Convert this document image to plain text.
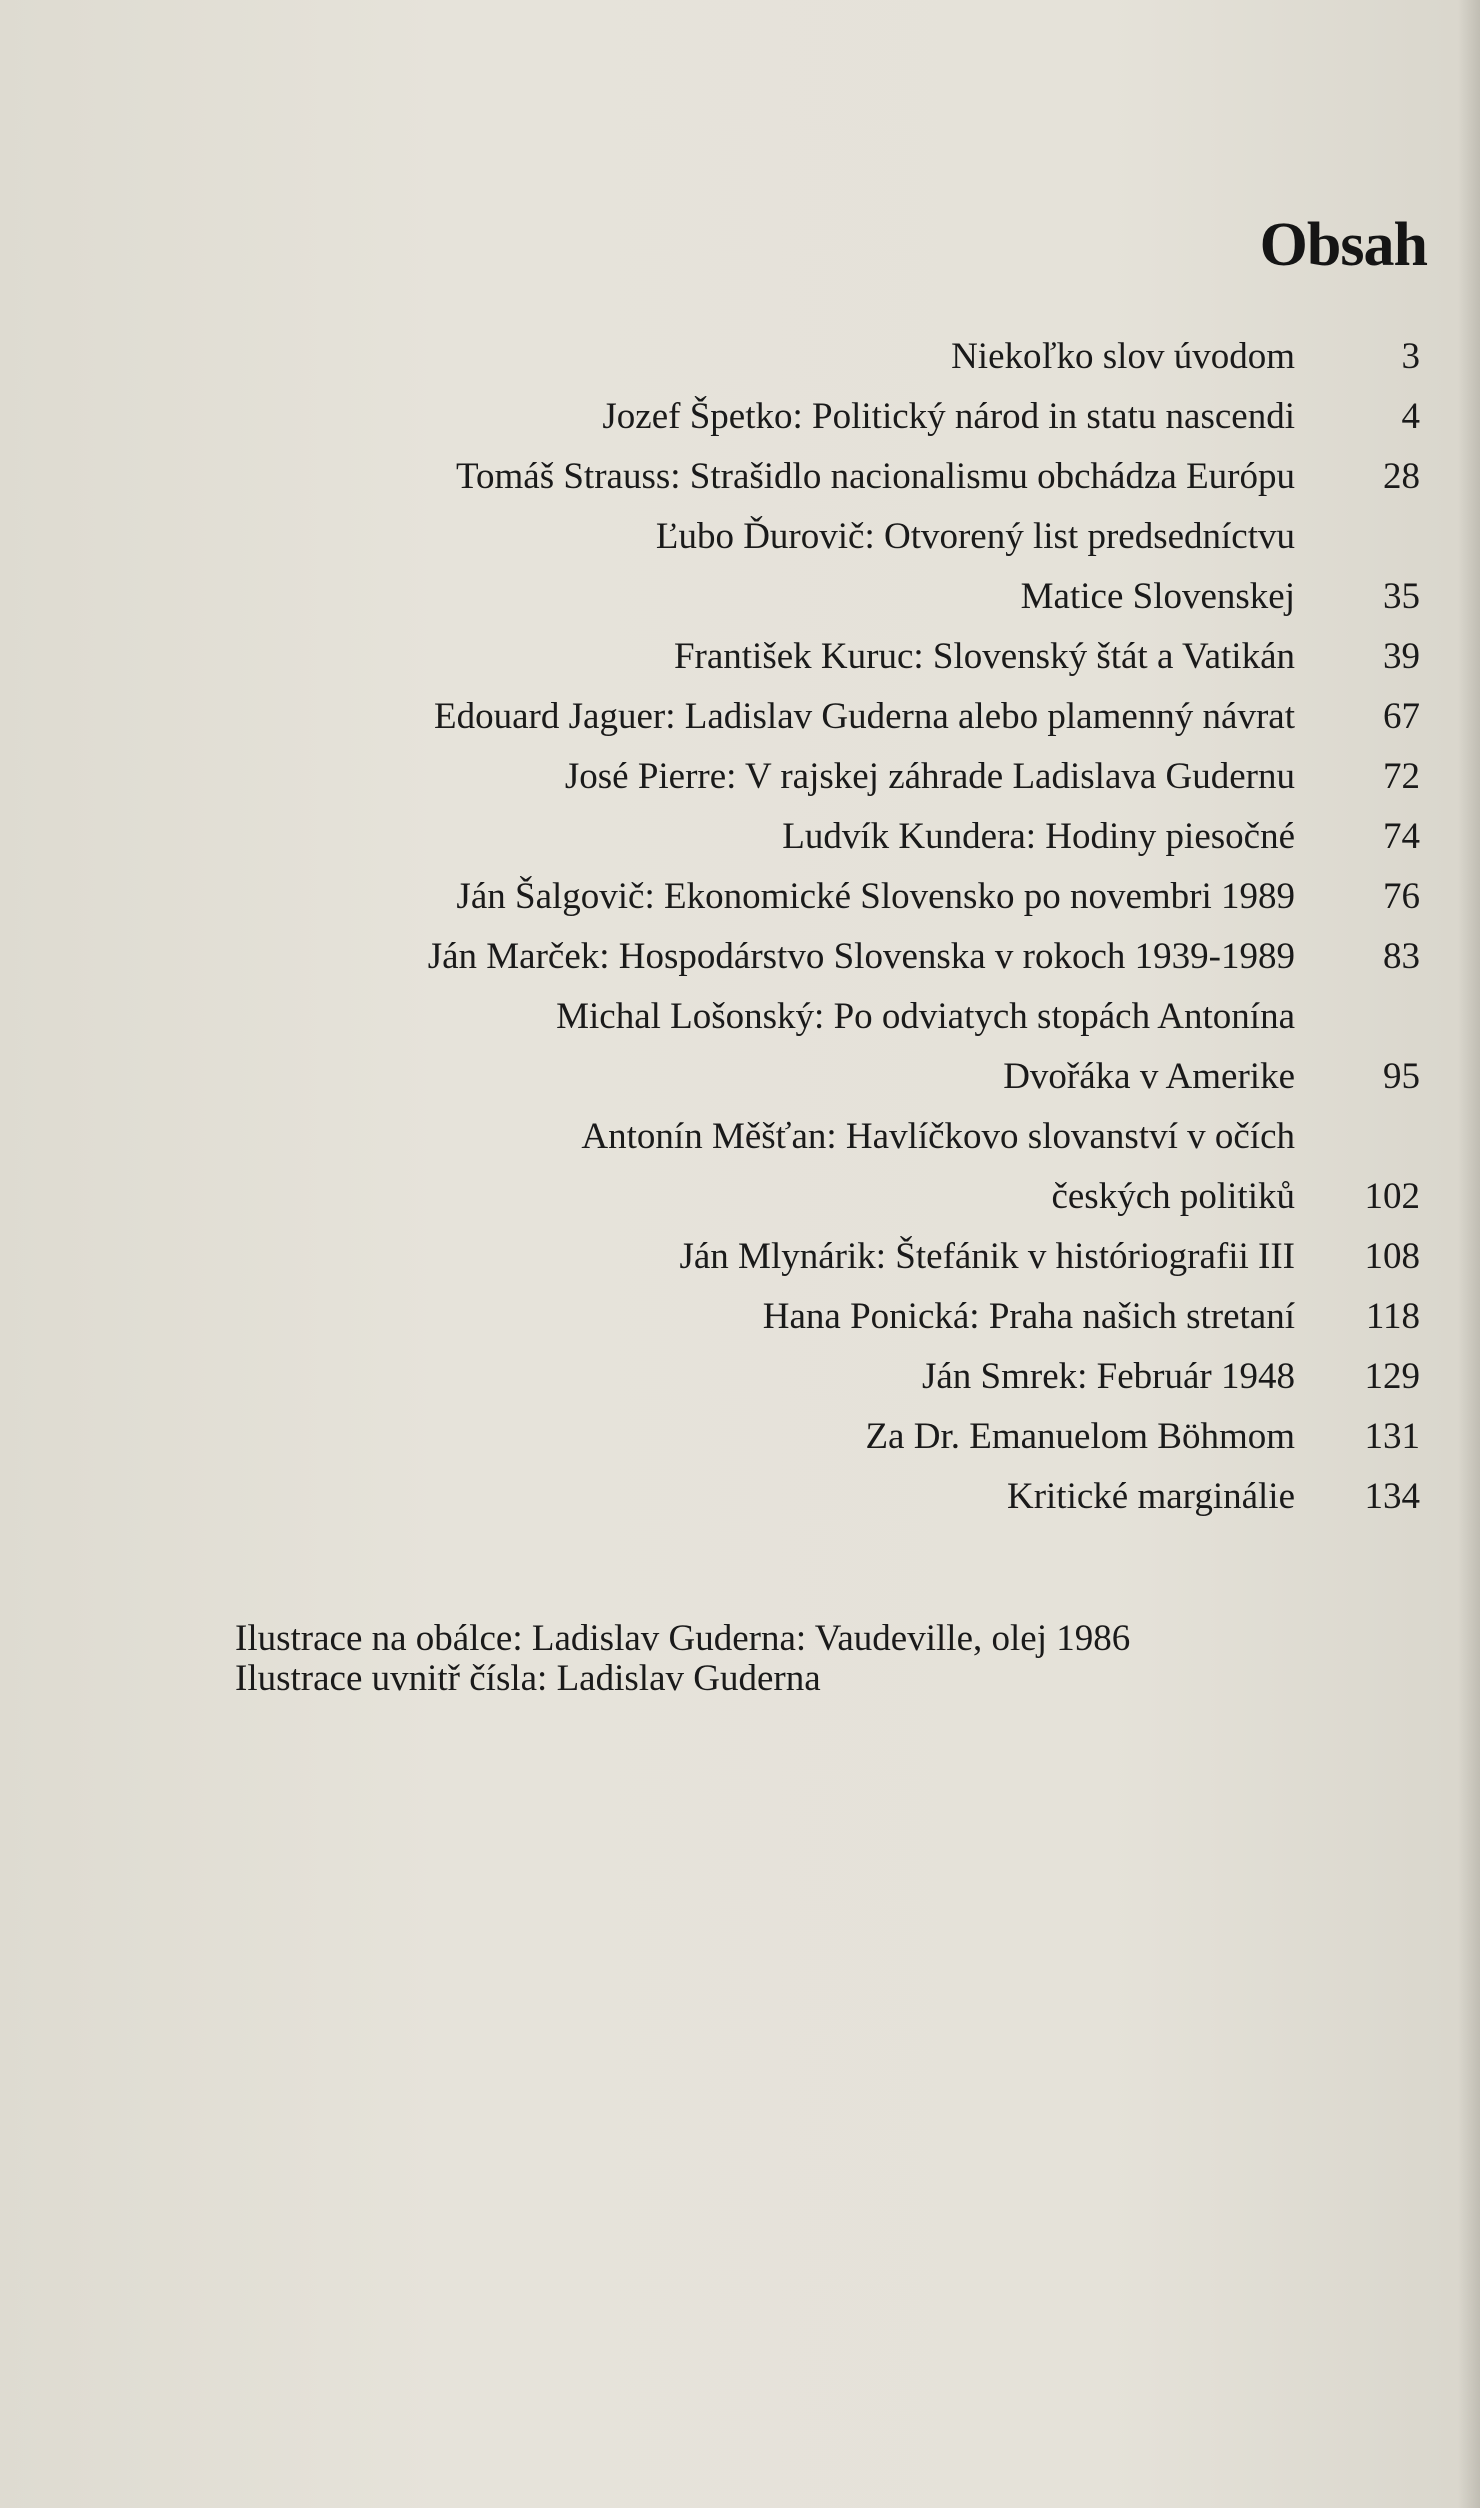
Obsah
Niekoľko slov úvodom	3
Jozef Špetko: Politický národ in statu nascendi	4
Tomáš Strauss: Strašidlo nacionalismu obchádza Európu	28
Ľubo Ďurovič: Otvorený list predsedníctvu
Matice Slovenskej	35
František Kuruc: Slovenský štát a Vatikán	39
Edouard Jaguer: Ladislav Guderna alebo plamenný návrat	67
José Pierre: V rajskej záhrade Ladislava Gudernu	72
Ludvík Kundera: Hodiny piesočné	74
Ján Šalgovič: Ekonomické Slovensko po novembri 1989	76
Ján Marček: Hospodárstvo Slovenska v rokoch 1939-1989	83
Michal Lošonský: Po odviatych stopách Antonína
Dvořáka v Amerike	95
Antonín Měšťan: Havlíčkovo slovanství v očích
českých politiků	102
Ján Mlynárik: Štefánik v históriografii III	108
Hana Ponická: Praha našich stretaní	118
Ján Smrek: Február 1948	129
Za Dr. Emanuelom Böhmom	131
Kritické marginálie	134
Ilustrace na obálce: Ladislav Guderna: Vaudeville, olej 1986
Ilustrace uvnitř čísla: Ladislav Guderna
